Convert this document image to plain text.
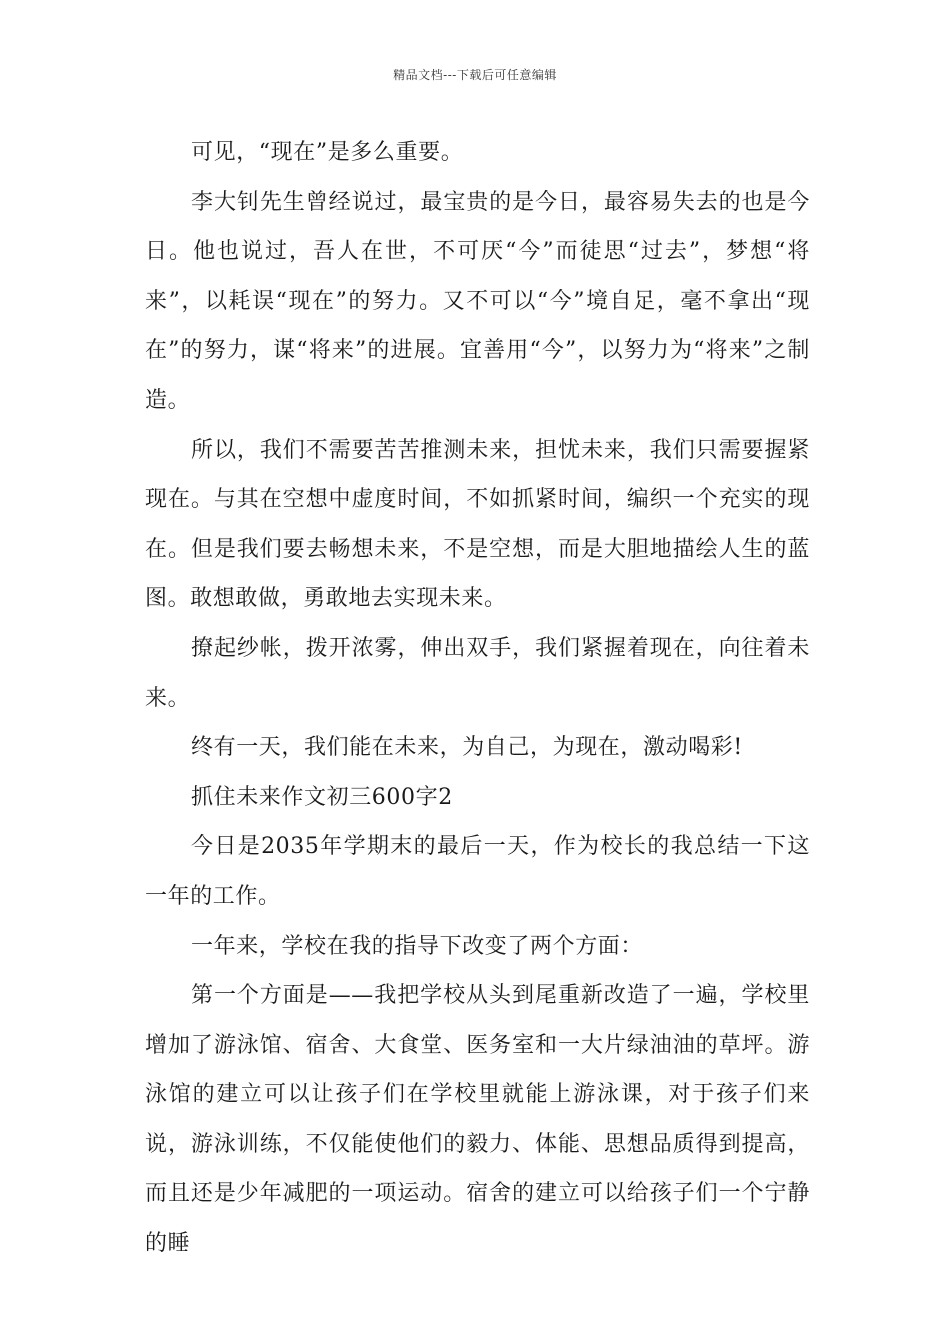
精品文档---下载后可任意编辑

可见，“现在”是多么重要。

李大钊先生曾经说过，最宝贵的是今日，最容易失去的也是今日。他也说过，吾人在世，不可厌“今”而徒思“过去”，梦想“将来”，以耗误“现在”的努力。又不可以“今”境自足，毫不拿出“现在”的努力，谋“将来”的进展。宜善用“今”，以努力为“将来”之制造。

所以，我们不需要苦苦推测未来，担忧未来，我们只需要握紧现在。与其在空想中虚度时间，不如抓紧时间，编织一个充实的现在。但是我们要去畅想未来，不是空想，而是大胆地描绘人生的蓝图。敢想敢做，勇敢地去实现未来。

撩起纱帐，拨开浓雾，伸出双手，我们紧握着现在，向往着未来。

终有一天，我们能在未来，为自己，为现在，激动喝彩!

抓住未来作文初三600字2

今日是2035年学期末的最后一天，作为校长的我总结一下这一年的工作。

一年来，学校在我的指导下改变了两个方面：

第一个方面是——我把学校从头到尾重新改造了一遍，学校里增加了游泳馆、宿舍、大食堂、医务室和一大片绿油油的草坪。游泳馆的建立可以让孩子们在学校里就能上游泳课，对于孩子们来说，游泳训练，不仅能使他们的毅力、体能、思想品质得到提高，而且还是少年减肥的一项运动。宿舍的建立可以给孩子们一个宁静的睡
